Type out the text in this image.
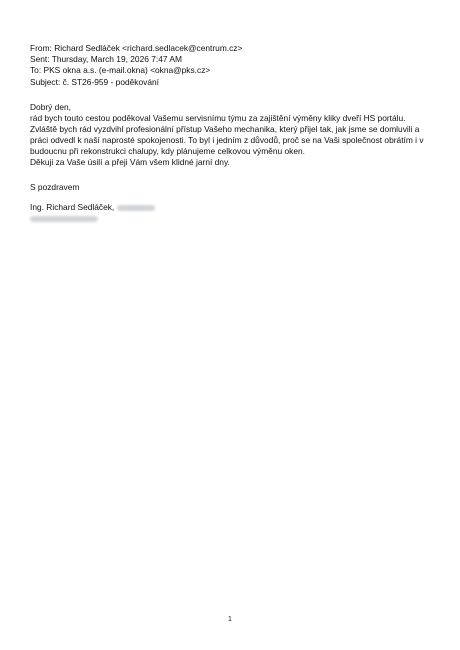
From: Richard Sedláček <richard.sedlacek@centrum.cz>
Sent: Thursday, March 19, 2026 7:47 AM
To: PKS okna a.s. (e-mail.okna) <okna@pks.cz>
Subject: č. ST26-959 - poděkování
Dobrý den,
rád bych touto cestou poděkoval Vašemu servisnímu týmu za zajištění výměny kliky dveří HS portálu.
Zvláště bych rád vyzdvihl profesionální přístup Vašeho mechanika, který přijel tak, jak jsme se domluvili a
práci odvedl k naší naprosté spokojenosti. To byl i jedním z důvodů, proč se na Vaši společnost obrátím i v
budoucnu při rekonstrukci chalupy, kdy plánujeme celkovou výměnu oken.
Děkuji za Vaše úsilí a přeji Vám všem klidné jarní dny.
S pozdravem
Ing. Richard Sedláček,
1
